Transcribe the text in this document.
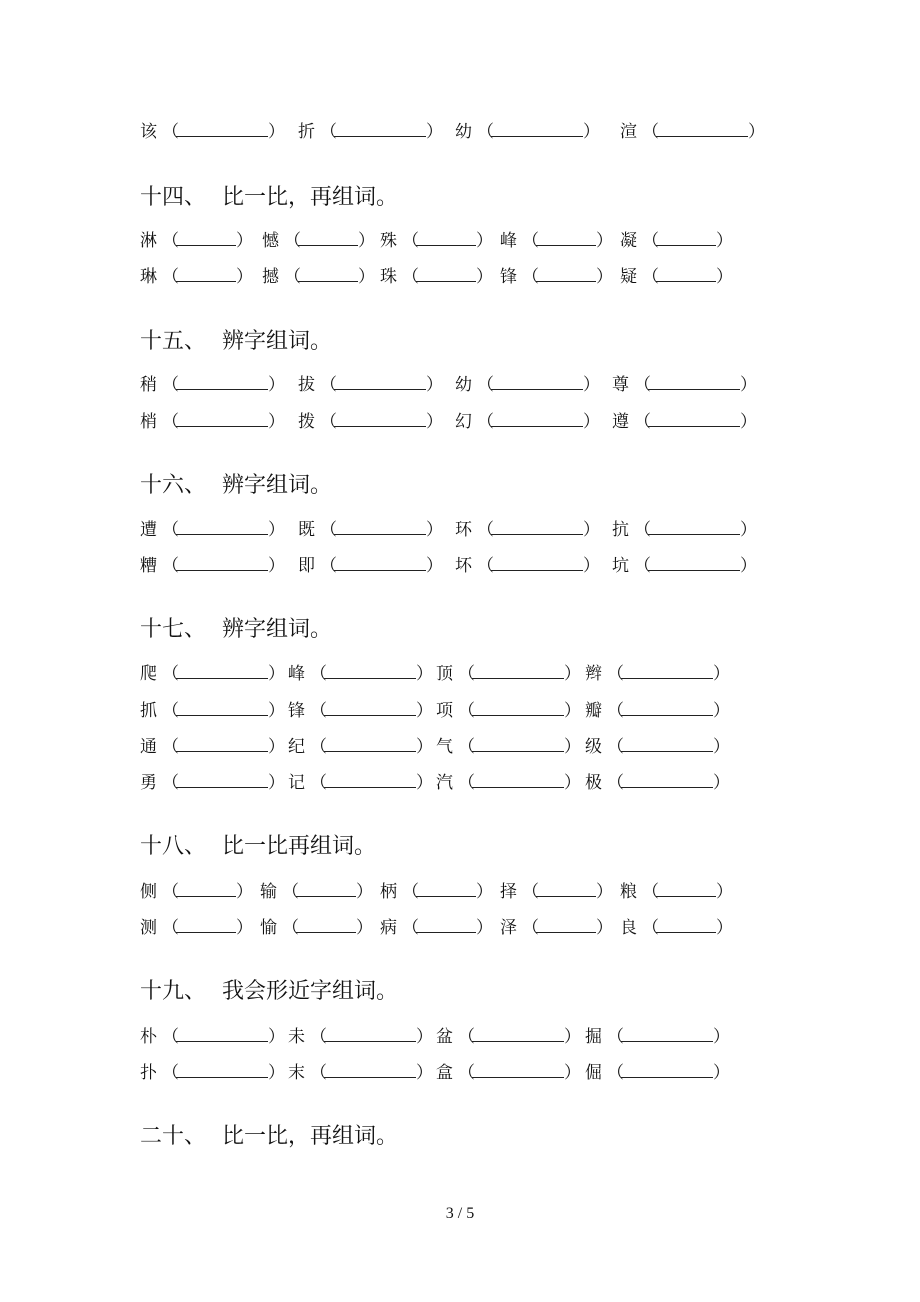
该 （	） 折 （	） 幼 （	） 渲 （	）
十四、 比一比，再组词。
淋 （	） 憾 （	） 殊 （	） 峰 （	） 凝 （	）
琳 （	） 撼 （	） 珠 （	） 锋 （	） 疑 （	）
十五、 辨字组词。
稍 （	） 拔 （	） 幼 （	） 尊 （	）
梢 （	） 拨 （	） 幻 （	） 遵 （	）
十六、 辨字组词。
遭 （	） 既 （	） 环 （	） 抗 （	）
糟 （	） 即 （	） 坏 （	） 坑 （	）
十七、 辨字组词。
爬 （	） 峰 （	） 顶 （	） 辫 （	）
抓 （	） 锋 （	） 项 （	） 瓣 （	）
通 （	） 纪 （	） 气 （	） 级 （	）
勇 （	） 记 （	） 汽 （	） 极 （	）
十八、 比一比再组词。
侧 （	） 输 （	） 柄 （	） 择 （	） 粮 （	）
测 （	） 愉 （	） 病 （	） 泽 （	） 良 （	）
十九、 我会形近字组词。
朴 （	） 未 （	） 盆 （	） 掘 （	）
扑 （	） 末 （	） 盒 （	） 倔 （	）
二十、 比一比，再组词。
3 / 5
